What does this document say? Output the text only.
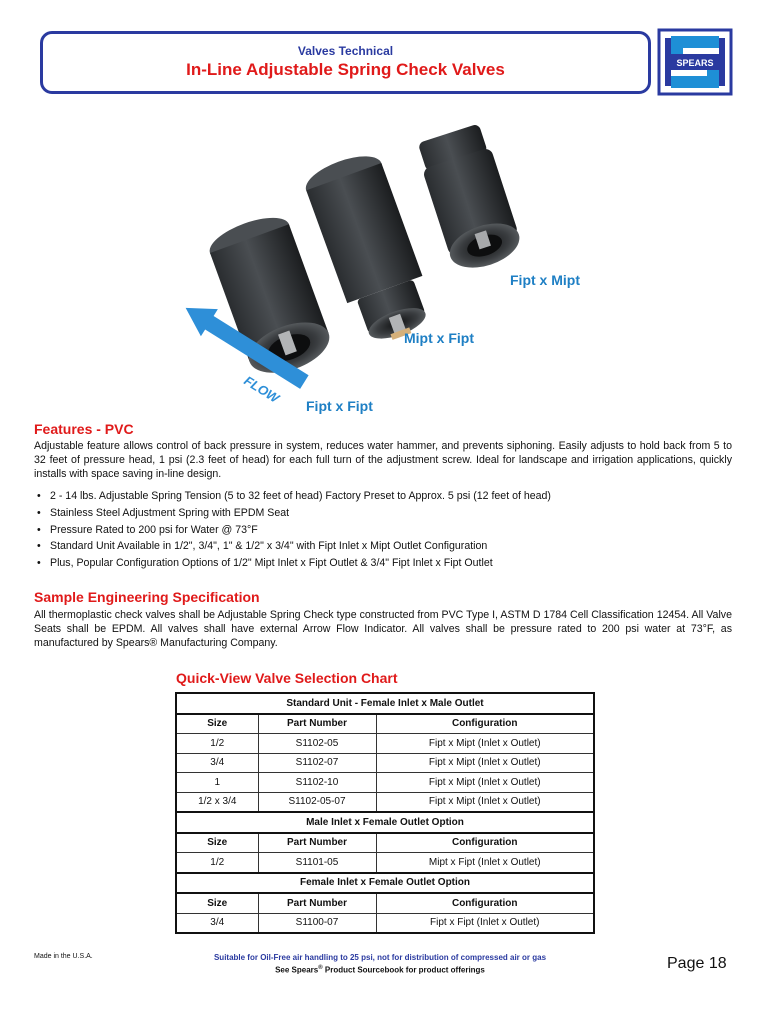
Valves Technical
In-Line Adjustable Spring Check Valves	SPEARS
FLOW
Fipt x Mipt
Mipt x Fipt
Fipt x Fipt
Features - PVC
Adjustable feature allows control of back pressure in system, reduces water hammer, and prevents siphoning. Easily adjusts to hold back from 5 to 32 feet of pressure head, 1 psi (2.3 feet of head) for each full turn of the adjustment screw. Ideal for landscape and irrigation applications, quickly installs with space saving in-line design.
• 2 - 14 lbs. Adjustable Spring Tension (5 to 32 feet of head) Factory Preset to Approx. 5 psi (12 feet of head)
• Stainless Steel Adjustment Spring with EPDM Seat
• Pressure Rated to 200 psi for Water @ 73°F
• Standard Unit Available in 1/2", 3/4", 1" & 1/2" x 3/4" with Fipt Inlet x Mipt Outlet Configuration
• Plus, Popular Configuration Options of 1/2" Mipt Inlet x Fipt Outlet & 3/4" Fipt Inlet x Fipt Outlet
Sample Engineering Specification
All thermoplastic check valves shall be Adjustable Spring Check type constructed from PVC Type I, ASTM D 1784 Cell Classification 12454. All Valve Seats shall be EPDM. All valves shall have external Arrow Flow Indicator. All valves shall be pressure rated to 200 psi water at 73°F, as manufactured by Spears® Manufacturing Company.
Quick-View Valve Selection Chart
Standard Unit - Female Inlet x Male Outlet		
Size	Part Number	Configuration
1/2	S1102-05	Fipt x Mipt (Inlet x Outlet)
3/4	S1102-07	Fipt x Mipt (Inlet x Outlet)
1	S1102-10	Fipt x Mipt (Inlet x Outlet)
1/2 x 3/4	S1102-05-07	Fipt x Mipt (Inlet x Outlet)
Male Inlet x Female Outlet Option		
Size	Part Number	Configuration
1/2	S1101-05	Mipt x Fipt (Inlet x Outlet)
Female Inlet x Female Outlet Option		
Size	Part Number	Configuration
3/4	S1100-07	Fipt x Fipt (Inlet x Outlet)
Made in the U.S.A.	Suitable for Oil-Free air handling to 25 psi, not for distribution of compressed air or gas
See Spears® Product Sourcebook for product offerings	Page 18
